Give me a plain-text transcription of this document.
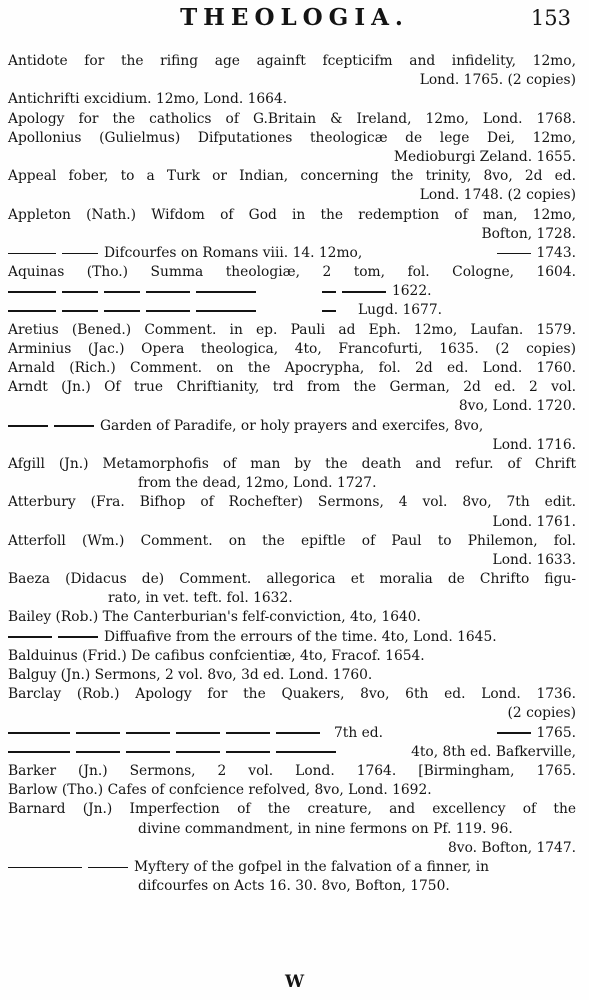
THEOLOGIA.	153
Antidote for the rifing age againft fcepticifm and infidelity, 12mo,
Lond. 1765. (2 copies)
Antichrifti excidium. 12mo, Lond. 1664.
Apology for the catholics of G.Britain & Ireland, 12mo, Lond. 1768.
Apollonius (Gulielmus) Difputationes theologicæ de lege Dei, 12mo,
Medioburgi Zeland. 1655.
Appeal fober, to a Turk or Indian, concerning the trinity, 8vo, 2d ed.
Lond. 1748. (2 copies)
Appleton (Nath.) Wifdom of God in the redemption of man, 12mo,
Bofton, 1728.
Difcourfes on Romans viii. 14. 12mo,	1743.
Aquinas (Tho.) Summa theologiæ, 2 tom, fol. Cologne, 1604.
1622.
Lugd. 1677.
Aretius (Bened.) Comment. in ep. Pauli ad Eph. 12mo, Laufan. 1579.
Arminius (Jac.) Opera theologica, 4to, Francofurti, 1635. (2 copies)
Arnald (Rich.) Comment. on the Apocrypha, fol. 2d ed. Lond. 1760.
Arndt (Jn.) Of true Chriftianity, trd from the German, 2d ed. 2 vol.
8vo, Lond. 1720.
Garden of Paradife, or holy prayers and exercifes, 8vo,
Lond. 1716.
Afgill (Jn.) Metamorphofis of man by the death and refur. of Chrift
from the dead, 12mo, Lond. 1727.
Atterbury (Fra. Bifhop of Rochefter) Sermons, 4 vol. 8vo, 7th edit.
Lond. 1761.
Atterfoll (Wm.) Comment. on the epiftle of Paul to Philemon, fol.
Lond. 1633.
Baeza (Didacus de) Comment. allegorica et moralia de Chrifto figu-
rato, in vet. teft. fol. 1632.
Bailey (Rob.) The Canterburian's felf-conviction, 4to, 1640.
Diffuafive from the errours of the time. 4to, Lond. 1645.
Balduinus (Frid.) De cafibus confcientiæ, 4to, Fracof. 1654.
Balguy (Jn.) Sermons, 2 vol. 8vo, 3d ed. Lond. 1760.
Barclay (Rob.) Apology for the Quakers, 8vo, 6th ed. Lond. 1736.
(2 copies)
7th ed.	1765.
4to, 8th ed. Bafkerville,
Barker (Jn.) Sermons, 2 vol. Lond. 1764. [Birmingham, 1765.
Barlow (Tho.) Cafes of confcience refolved, 8vo, Lond. 1692.
Barnard (Jn.) Imperfection of the creature, and excellency of the
divine commandment, in nine fermons on Pf. 119. 96.
8vo. Bofton, 1747.
Myftery of the gofpel in the falvation of a finner, in
difcourfes on Acts 16. 30. 8vo, Bofton, 1750.
W
